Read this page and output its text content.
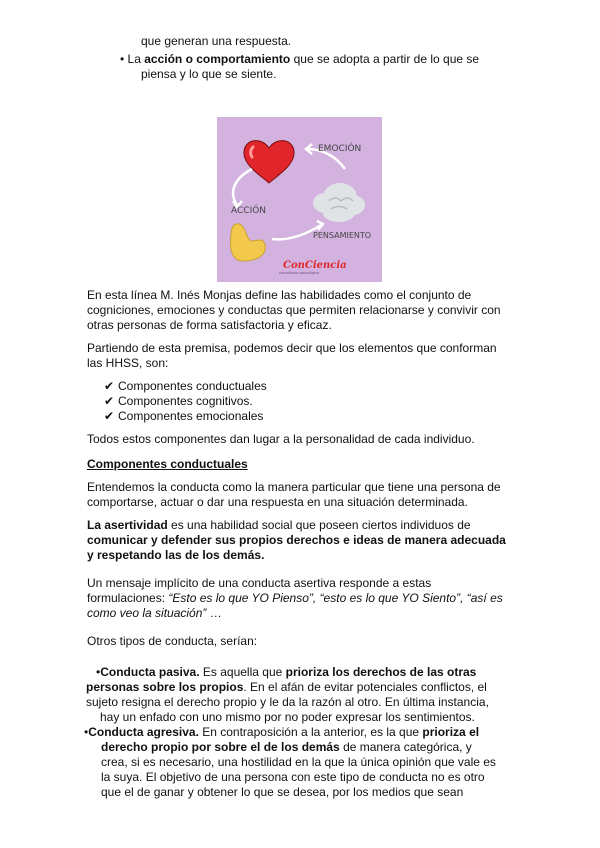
que generan una respuesta.
• La acción o comportamiento que se adopta a partir de lo que se
piensa y lo que se siente.
EMOCIÓN
ACCIÓN
PENSAMIENTO
ConCiencia
consultorio psicológico
En esta línea M. Inés Monjas define las habilidades como el conjunto de
cogniciones, emociones y conductas que permiten relacionarse y convivir con
otras personas de forma satisfactoria y eficaz.
Partiendo de esta premisa, podemos decir que los elementos que conforman
las HHSS, son:
✔ Componentes conductuales
✔ Componentes cognitivos.
✔ Componentes emocionales
Todos estos componentes dan lugar a la personalidad de cada individuo.
Componentes conductuales
Entendemos la conducta como la manera particular que tiene una persona de
comportarse, actuar o dar una respuesta en una situación determinada.
La asertividad es una habilidad social que poseen ciertos individuos de
comunicar y defender sus propios derechos e ideas de manera adecuada
y respetando las de los demás.
Un mensaje implícito de una conducta asertiva responde a estas
formulaciones: “Esto es lo que YO Pienso”, “esto es lo que YO Siento”, “así es
como veo la situación” …
Otros tipos de conducta, serían:
•Conducta pasiva. Es aquella que prioriza los derechos de las otras
personas sobre los propios. En el afán de evitar potenciales conflictos, el
sujeto resigna el derecho propio y le da la razón al otro. En última instancia,
hay un enfado con uno mismo por no poder expresar los sentimientos.
•Conducta agresiva. En contraposición a la anterior, es la que prioriza el
derecho propio por sobre el de los demás de manera categórica, y
crea, si es necesario, una hostilidad en la que la única opinión que vale es
la suya. El objetivo de una persona con este tipo de conducta no es otro
que el de ganar y obtener lo que se desea, por los medios que sean
